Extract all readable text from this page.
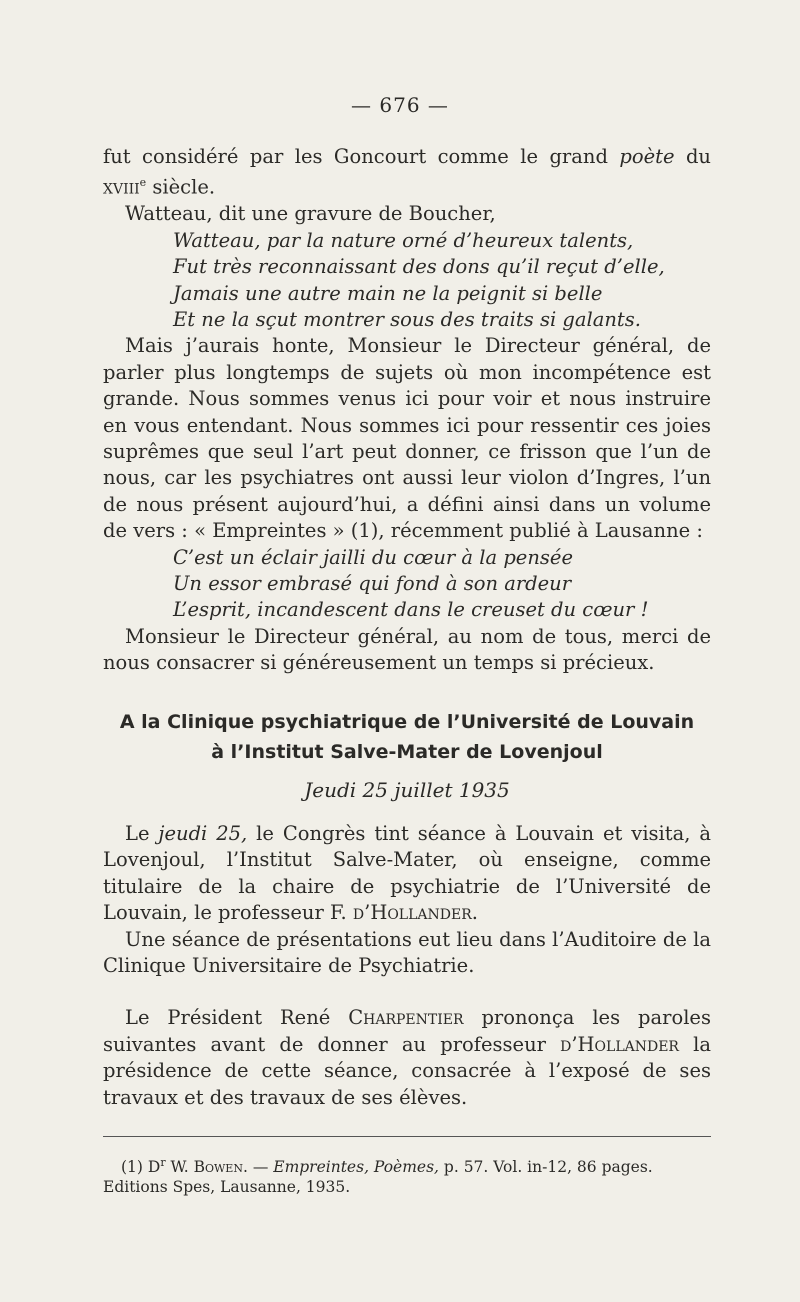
— 676 —

fut considéré par les Goncourt comme le grand poète du xviii$^e$ siècle.

Watteau, dit une gravure de Boucher,

Watteau, par la nature orné d’heureux talents,

Fut très reconnaissant des dons qu’il reçut d’elle,

Jamais une autre main ne la peignit si belle

Et ne la sçut montrer sous des traits si galants.

Mais j’aurais honte, Monsieur le Directeur général, de parler plus longtemps de sujets où mon incompétence est grande. Nous sommes venus ici pour voir et nous instruire en vous entendant. Nous sommes ici pour ressentir ces joies suprêmes que seul l’art peut donner, ce frisson que l’un de nous, car les psychiatres ont aussi leur violon d’Ingres, l’un de nous présent aujourd’hui, a défini ainsi dans un volume de vers : « Empreintes » (1), récemment publié à Lausanne :

C’est un éclair jailli du cœur à la pensée

Un essor embrasé qui fond à son ardeur

L’esprit, incandescent dans le creuset du cœur !

Monsieur le Directeur général, au nom de tous, merci de nous consacrer si généreusement un temps si précieux.

A la Clinique psychiatrique de l’Université de Louvain
à l’Institut Salve-Mater de Lovenjoul
Jeudi 25 juillet 1935

Le jeudi 25, le Congrès tint séance à Louvain et visita, à Lovenjoul, l’Institut Salve-Mater, où enseigne, comme titulaire de la chaire de psychiatrie de l’Université de Louvain, le professeur F. d’Hollander.

Une séance de présentations eut lieu dans l’Auditoire de la Clinique Universitaire de Psychiatrie.

Le Président René Charpentier prononça les paroles suivantes avant de donner au professeur d’Hollander la présidence de cette séance, consacrée à l’exposé de ses travaux et des travaux de ses élèves.

(1) $D^r$ W. Bowen. — Empreintes, Poèmes, p. 57. Vol. in-12, 86 pages.
Editions Spes, Lausanne, 1935.
